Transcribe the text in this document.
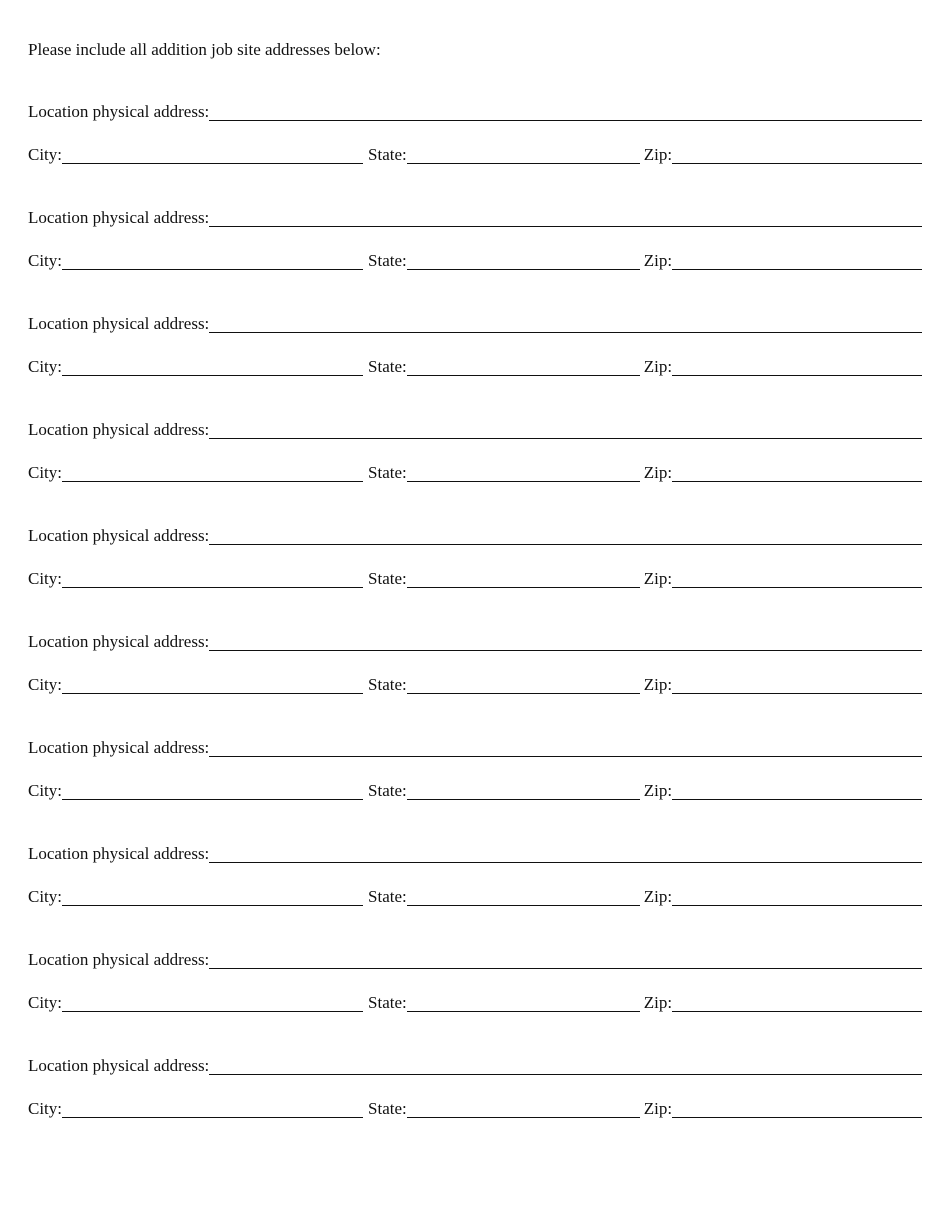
Please include all addition job site addresses below:
Location physical address:
City:	State:	Zip:
Location physical address:
City:	State:	Zip:
Location physical address:
City:	State:	Zip:
Location physical address:
City:	State:	Zip:
Location physical address:
City:	State:	Zip:
Location physical address:
City:	State:	Zip:
Location physical address:
City:	State:	Zip:
Location physical address:
City:	State:	Zip:
Location physical address:
City:	State:	Zip:
Location physical address:
City:	State:	Zip:
